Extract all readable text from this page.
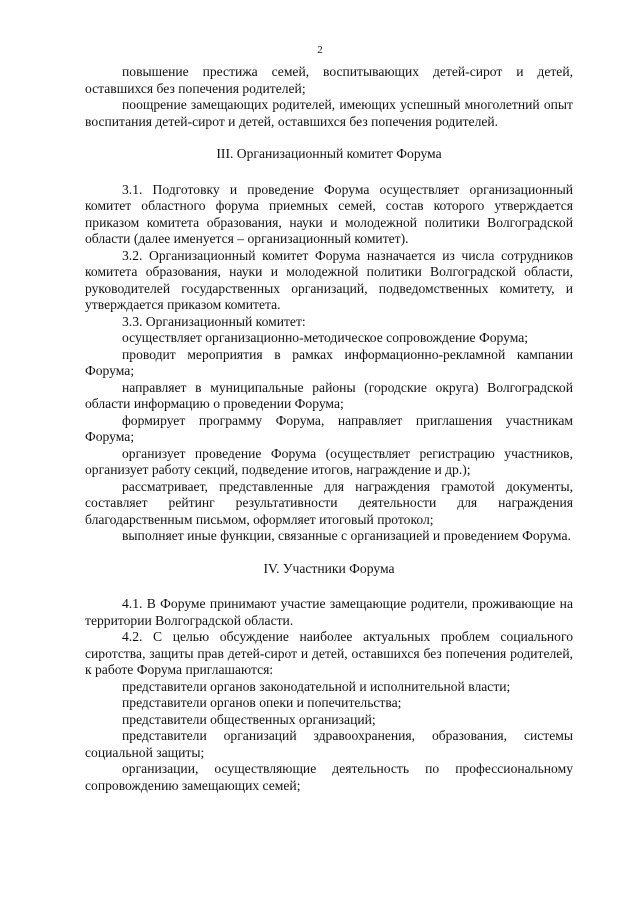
2

повышение престижа семей, воспитывающих детей-сирот и детей, оставшихся без попечения родителей;

поощрение замещающих родителей, имеющих успешный многолетний опыт воспитания детей-сирот и детей, оставшихся без попечения родителей.

III. Организационный комитет Форума

3.1. Подготовку и проведение Форума осуществляет организационный комитет областного форума приемных семей, состав которого утверждается приказом комитета образования, науки и молодежной политики Волгоградской области (далее именуется – организационный комитет).

3.2. Организационный комитет Форума назначается из числа сотрудников комитета образования, науки и молодежной политики Волгоградской области, руководителей государственных организаций, подведомственных комитету, и утверждается приказом комитета.

3.3. Организационный комитет:

осуществляет организационно-методическое сопровождение Форума;

проводит мероприятия в рамках информационно-рекламной кампании Форума;

направляет в муниципальные районы (городские округа) Волгоградской области информацию о проведении Форума;

формирует программу Форума, направляет приглашения участникам Форума;

организует проведение Форума (осуществляет регистрацию участников, организует работу секций, подведение итогов, награждение и др.);

рассматривает, представленные для награждения грамотой документы, составляет рейтинг результативности деятельности для награждения благодарственным письмом, оформляет итоговый протокол;

выполняет иные функции, связанные с организацией и проведением Форума.

IV. Участники Форума

4.1. В Форуме принимают участие замещающие родители, проживающие на территории Волгоградской области.

4.2. С целью обсуждение наиболее актуальных проблем социального сиротства, защиты прав детей-сирот и детей, оставшихся без попечения родителей, к работе Форума приглашаются:

представители органов законодательной и исполнительной власти;

представители органов опеки и попечительства;

представители общественных организаций;

представители организаций здравоохранения, образования, системы социальной защиты;

организации, осуществляющие деятельность по профессиональному сопровождению замещающих семей;
